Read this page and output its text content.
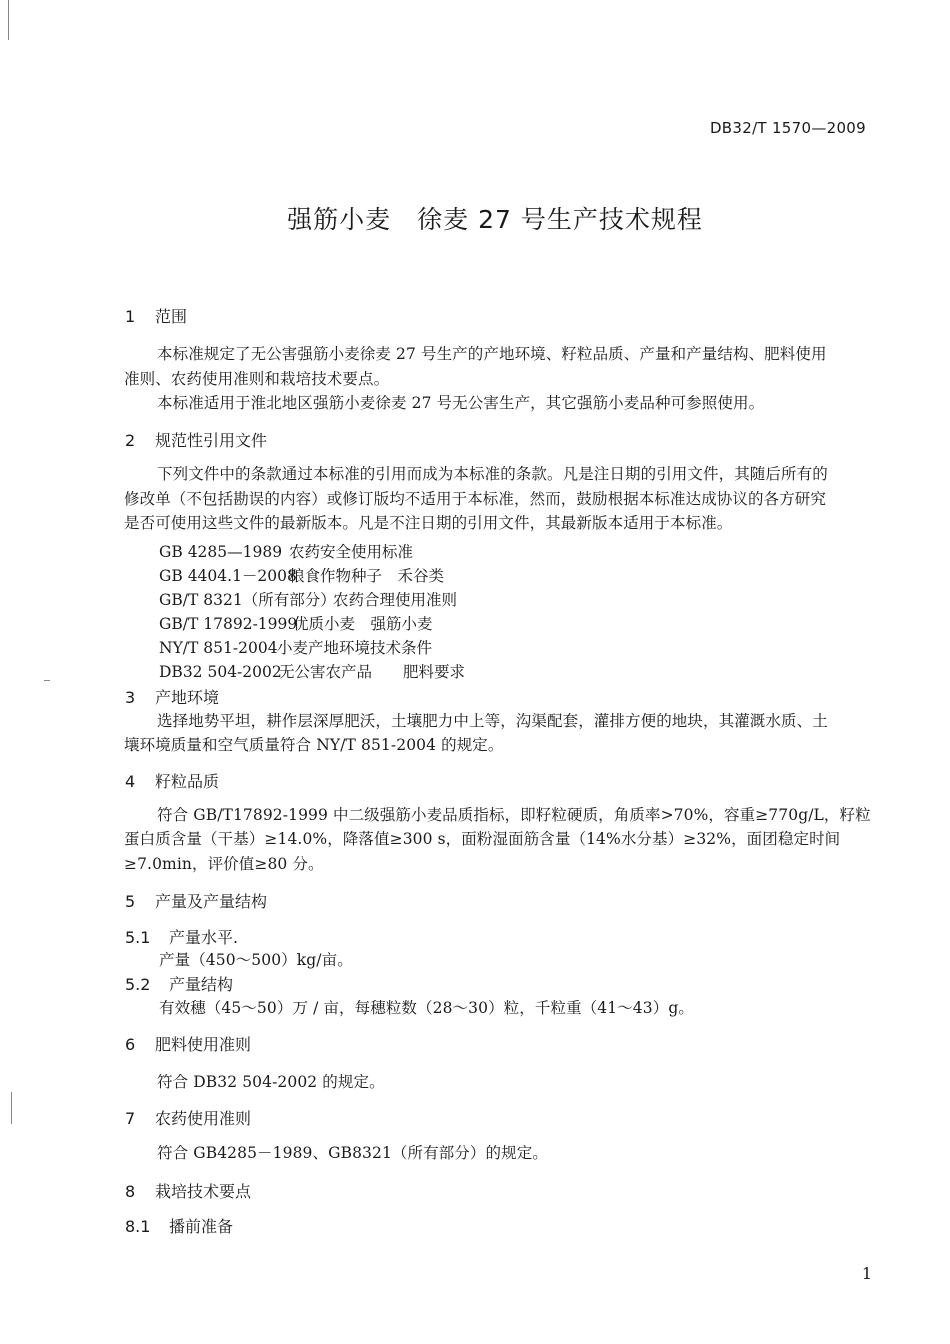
DB32/T 1570—2009
强筋小麦　徐麦 27 号生产技术规程
1 范围
本标准规定了无公害强筋小麦徐麦 27 号生产的产地环境、籽粒品质、产量和产量结构、肥料使用
准则、农药使用准则和栽培技术要点。
本标准适用于淮北地区强筋小麦徐麦 27 号无公害生产，其它强筋小麦品种可参照使用。
2 规范性引用文件
下列文件中的条款通过本标准的引用而成为本标准的条款。凡是注日期的引用文件，其随后所有的
修改单（不包括勘误的内容）或修订版均不适用于本标准，然而，鼓励根据本标准达成协议的各方研究
是否可使用这些文件的最新版本。凡是不注日期的引用文件，其最新版本适用于本标准。
GB 4285—1989 农药安全使用标准
GB 4404.1－2008粮食作物种子　禾谷类
GB/T 8321（所有部分）农药合理使用准则
GB/T 17892-1999优质小麦　强筋小麦
NY/T 851-2004小麦产地环境技术条件
DB32 504-2002无公害农产品　　肥料要求
3 产地环境
选择地势平坦，耕作层深厚肥沃，土壤肥力中上等，沟渠配套，灌排方便的地块，其灌溉水质、土
壤环境质量和空气质量符合 NY/T 851-2004 的规定。
4 籽粒品质
符合 GB/T17892-1999 中二级强筋小麦品质指标，即籽粒硬质，角质率>70%，容重≥770g/L，籽粒
蛋白质含量（干基）≥14.0%，降落值≥300 s，面粉湿面筋含量（14%水分基）≥32%，面团稳定时间
≥7.0min，评价值≥80 分。
5 产量及产量结构
5.1 产量水平.
产量（450～500）kg/亩。
5.2 产量结构
有效穗（45～50）万 / 亩，每穗粒数（28～30）粒，千粒重（41～43）g。
6 肥料使用准则
符合 DB32 504-2002 的规定。
7 农药使用准则
符合 GB4285－1989、GB8321（所有部分）的规定。
8 栽培技术要点
8.1 播前准备
1
